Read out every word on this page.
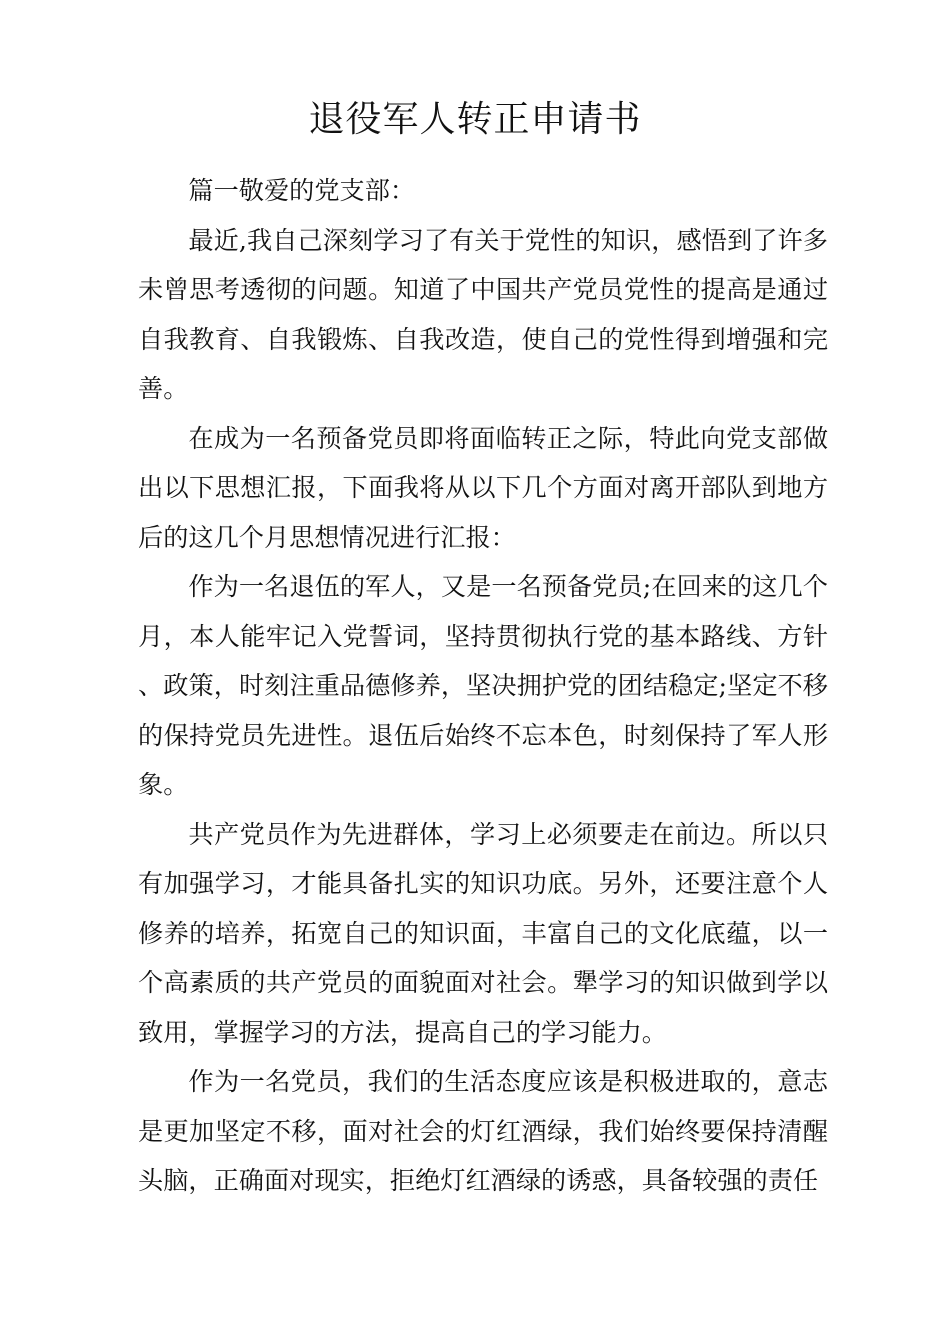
退役军人转正申请书

篇一敬爱的党支部：

最近,我自己深刻学习了有关于党性的知识，感悟到了许多未曾思考透彻的问题。知道了中国共产党员党性的提高是通过自我教育、自我锻炼、自我改造，使自己的党性得到增强和完善。

在成为一名预备党员即将面临转正之际，特此向党支部做出以下思想汇报，下面我将从以下几个方面对离开部队到地方后的这几个月思想情况进行汇报：

作为一名退伍的军人，又是一名预备党员;在回来的这几个月，本人能牢记入党誓词，坚持贯彻执行党的基本路线、方针、政策，时刻注重品德修养，坚决拥护党的团结稳定;坚定不移的保持党员先进性。退伍后始终不忘本色，时刻保持了军人形象。

共产党员作为先进群体，学习上必须要走在前边。所以只有加强学习，才能具备扎实的知识功底。另外，还要注意个人修养的培养，拓宽自己的知识面，丰富自己的文化底蕴，以一个高素质的共产党员的面貌面对社会。犟学习的知识做到学以致用，掌握学习的方法，提高自己的学习能力。

作为一名党员，我们的生活态度应该是积极进取的，意志是更加坚定不移，面对社会的灯红酒绿，我们始终要保持清醒头脑，正确面对现实，拒绝灯红酒绿的诱惑，具备较强的责任
